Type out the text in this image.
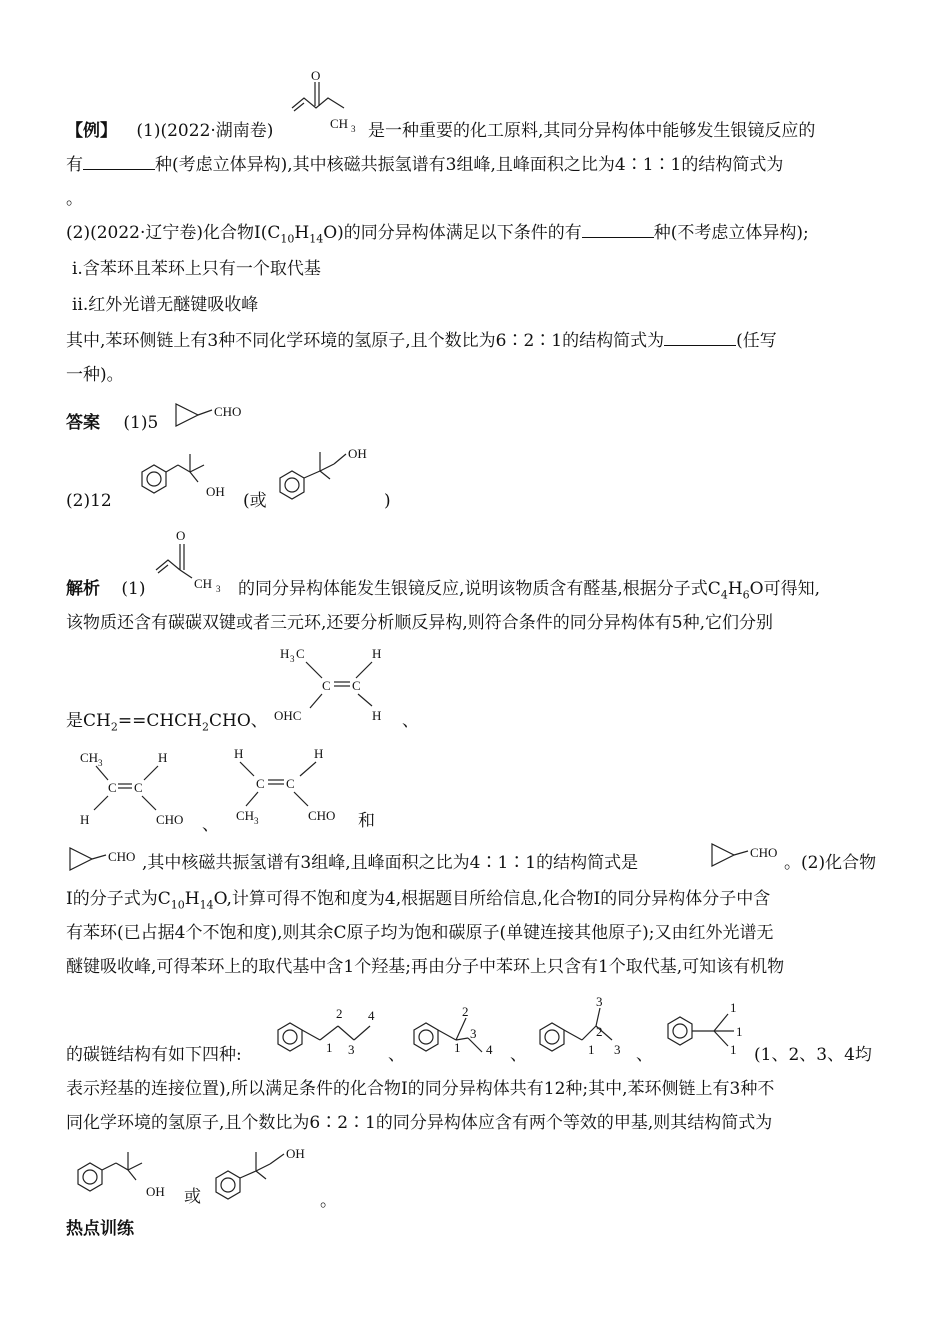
【例】 (1)(2022·湖南卷)
O
CH 3 是一种重要的化工原料,其同分异构体中能够发生银镜反应的
有	种(考虑立体异构),其中核磁共振氢谱有3组峰,且峰面积之比为4∶1∶1的结构简式为
。
(2)(2022·辽宁卷)化合物$Ⅰ(C_{10}H_{14}O)$的同分异构体满足以下条件的有	种(不考虑立体异构);
ⅰ.含苯环且苯环上只有一个取代基
ⅱ.红外光谱无醚键吸收峰
其中,苯环侧链上有3种不同化学环境的氢原子,且个数比为6∶2∶1的结构简式为	(任写
一种)。
答案 (1)5
CHO
(2)12	OH (或
OH
)
O
CH 3
解析 (1)	的同分异构体能发生银镜反应,说明该物质含有醛基,根据分子式$C_4H_6O$可得知,
该物质还含有碳碳双键或者三元环,还要分析顺反异构,则符合条件的同分异构体有5种,它们分别
是$CH_2==CHCH_2CHO$、
H 3 C	H
C C
OHC	H 、
CH 3	H
C C
H	CHO 、
H	H
C C
CH 3	CHO 和
CHO ,其中核磁共振氢谱有3组峰,且峰面积之比为4∶1∶1的结构简式是
CHO
。(2)化合物
Ⅰ的分子式为$C_{10}H_{14}O$,计算可得不饱和度为4,根据题目所给信息,化合物Ⅰ的同分异构体分子中含
有苯环(已占据4个不饱和度),则其余C原子均为饱和碳原子(单键连接其他原子);又由红外光谱无
醚键吸收峰,可得苯环上的取代基中含1个羟基;再由分子中苯环上只含有1个取代基,可知该有机物
的碳链结构有如下四种:	1
2
3
4
、	1
2
3
4 、	1
3
2
3 、
1
1
1 (1、2、3、4均
表示羟基的连接位置),所以满足条件的化合物Ⅰ的同分异构体共有12种;其中,苯环侧链上有3种不
同化学环境的氢原子,且个数比为6∶2∶1的同分异构体应含有两个等效的甲基,则其结构简式为
OH 或
OH
。
热点训练
